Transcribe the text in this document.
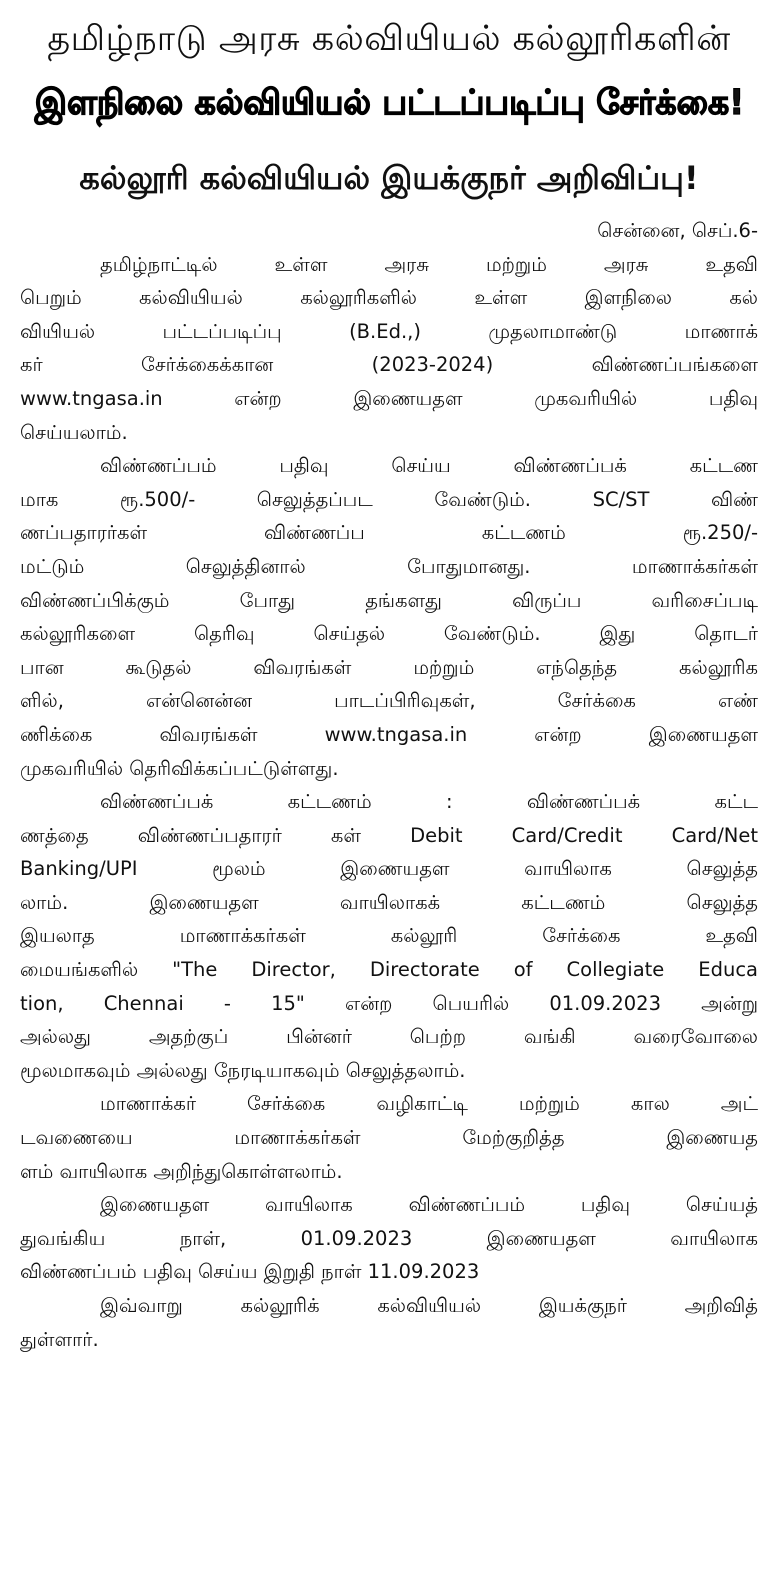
தமிழ்நாடு அரசு கல்வியியல் கல்லூரிகளின்
இளநிலை கல்வியியல் பட்டப்படிப்பு சேர்க்கை!
கல்லூரி கல்வியியல் இயக்குநர் அறிவிப்பு!
சென்னை, செப்.6-
தமிழ்நாட்டில் உள்ள அரசு மற்றும் அரசு உதவி
பெறும் கல்வியியல் கல்லூரிகளில் உள்ள இளநிலை கல்
வியியல் பட்டப்படிப்பு (B.Ed.,) முதலாமாண்டு மாணாக்
கர் சேர்க்கைக்கான (2023-2024) விண்ணப்பங்களை
www.tngasa.in என்ற இணையதள முகவரியில் பதிவு
செய்யலாம்.
விண்ணப்பம் பதிவு செய்ய விண்ணப்பக் கட்டண
மாக ரூ.500/- செலுத்தப்பட வேண்டும். SC/ST விண்
ணப்பதாரர்கள் விண்ணப்ப கட்டணம் ரூ.250/-
மட்டும் செலுத்தினால் போதுமானது. மாணாக்கர்கள்
விண்ணப்பிக்கும் போது தங்களது விருப்ப வரிசைப்படி
கல்லூரிகளை தெரிவு செய்தல் வேண்டும். இது தொடர்
பான கூடுதல் விவரங்கள் மற்றும் எந்தெந்த கல்லூரிக
ளில், என்னென்ன பாடப்பிரிவுகள், சேர்க்கை எண்
ணிக்கை விவரங்கள் www.tngasa.in என்ற இணையதள
முகவரியில் தெரிவிக்கப்பட்டுள்ளது.
விண்ணப்பக் கட்டணம் : விண்ணப்பக் கட்ட
ணத்தை விண்ணப்பதாரர் கள் Debit Card/Credit Card/Net
Banking/UPI மூலம் இணையதள வாயிலாக செலுத்த
லாம். இணையதள வாயிலாகக் கட்டணம் செலுத்த
இயலாத மாணாக்கர்கள் கல்லூரி சேர்க்கை உதவி
மையங்களில் "The Director, Directorate of Collegiate Educa
tion, Chennai - 15" என்ற பெயரில் 01.09.2023 அன்று
அல்லது அதற்குப் பின்னர் பெற்ற வங்கி வரைவோலை
மூலமாகவும் அல்லது நேரடியாகவும் செலுத்தலாம்.
மாணாக்கர் சேர்க்கை வழிகாட்டி மற்றும் கால அட்
டவணையை மாணாக்கர்கள் மேற்குறித்த இணையத
ளம் வாயிலாக அறிந்துகொள்ளலாம்.
இணையதள வாயிலாக விண்ணப்பம் பதிவு செய்யத்
துவங்கிய நாள், 01.09.2023 இணையதள வாயிலாக
விண்ணப்பம் பதிவு செய்ய இறுதி நாள் 11.09.2023
இவ்வாறு கல்லூரிக் கல்வியியல் இயக்குநர் அறிவித்
துள்ளார்.
